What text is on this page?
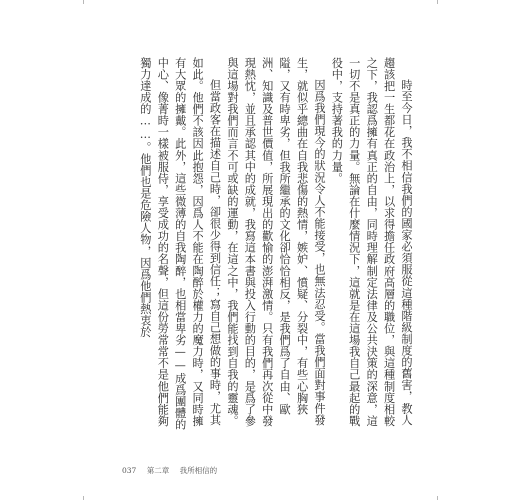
時至今日，我不相信我們的國家必須服從這種階級制度的舊害，教人趨該把一生都花在政治上，以求得擔任政府高層的職位，與這種制度相較之下，我認爲擁有真正的自由，同時理解制定法律及公共決策的深意，這一切不是真正的力量。無論在什麼情況下，這就是在這場我自己最起的戰役中，支持著我的力量。

因爲我們現今的狀況令人不能接受，也無法忍受。當我們面對事件發生，就似乎總曲在自我悲傷的熱情，嫉妒、憤疑、分裂中，有些心胸狹隘，又有時卑劣，但我所繼承的文化卻恰恰相反，是我們爲了自由、歐洲、知識及普世價值，所展現出的歡愉的澎湃激情。只有我們再次從中發現熱忱，並且承認其中的成就，我寫這本書與投入行動的目的，是爲了參與這場對我們而言不可或缺的運動，在這之中，我們能找到自我的靈魂。

但當政客在描述自己時，卻很少得到信任；寫自己想做的事時，尤其如此。他們不該因此抱怨，因爲人不能在陶醉於權力的魔力時，又同時擁有大眾的擁戴。此外，這些微薄的自我陶醉，也相當卑劣——成爲團體的中心、像菁時一樣被服侍，享受成功的名聲，但這份勞常常不是他們能夠獨力達成的……。他們也是危險人物，因爲他們熱衷於

037 第二章 我所相信的
